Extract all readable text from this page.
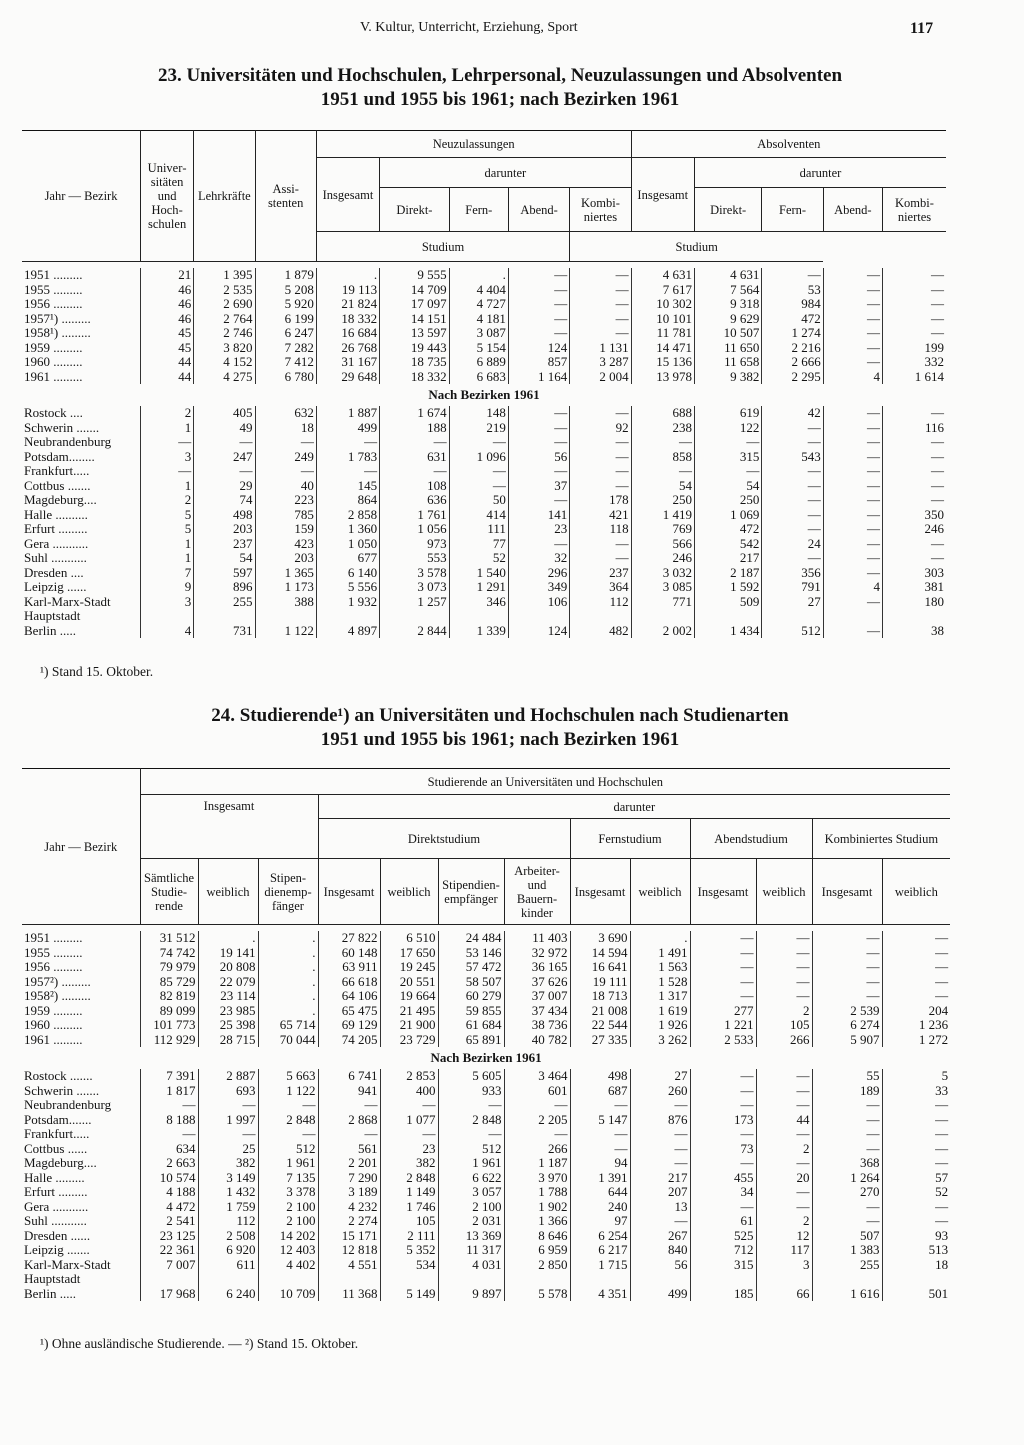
V. Kultur, Unterricht, Erziehung, Sport	117
23. Universitäten und Hochschulen, Lehrpersonal, Neuzulassungen und Absolventen
1951 und 1955 bis 1961; nach Bezirken 1961
Jahr — Bezirk	Universitäten und Hochschulen	Lehrkräfte	Assistenten	Neuzulassungen					Absolventen				
				Insgesamt	darunter				Insgesamt	darunter			
					Direkt-	Fern-	Abend-	Kombiniertes		Direkt-	Fern-	Abend-	Kombiniertes
				Studium				Studium					

1951 .........	21	1 395	1 879	.	9 555	.	—	—	4 631	4 631	—	—	—
1955 .........	46	2 535	5 208	19 113	14 709	4 404	—	—	7 617	7 564	53	—	—
1956 .........	46	2 690	5 920	21 824	17 097	4 727	—	—	10 302	9 318	984	—	—
1957¹) .........	46	2 764	6 199	18 332	14 151	4 181	—	—	10 101	9 629	472	—	—
1958¹) .........	45	2 746	6 247	16 684	13 597	3 087	—	—	11 781	10 507	1 274	—	—
1959 .........	45	3 820	7 282	26 768	19 443	5 154	124	1 131	14 471	11 650	2 216	—	199
1960 .........	44	4 152	7 412	31 167	18 735	6 889	857	3 287	15 136	11 658	2 666	—	332
1961 .........	44	4 275	6 780	29 648	18 332	6 683	1 164	2 004	13 978	9 382	2 295	4	1 614
Nach Bezirken 1961													
Rostock ....	2	405	632	1 887	1 674	148	—	—	688	619	42	—	—
Schwerin .......	1	49	18	499	188	219	—	92	238	122	—	—	116
Neubrandenburg	—	—	—	—	—	—	—	—	—	—	—	—	—
Potsdam........	3	247	249	1 783	631	1 096	56	—	858	315	543	—	—
Frankfurt.....	—	—	—	—	—	—	—	—	—	—	—	—	—
Cottbus .......	1	29	40	145	108	—	37	—	54	54	—	—	—
Magdeburg....	2	74	223	864	636	50	—	178	250	250	—	—	—
Halle ..........	5	498	785	2 858	1 761	414	141	421	1 419	1 069	—	—	350
Erfurt .........	5	203	159	1 360	1 056	111	23	118	769	472	—	—	246
Gera ...........	1	237	423	1 050	973	77	—	—	566	542	24	—	—
Suhl ...........	1	54	203	677	553	52	32	—	246	217	—	—	—
Dresden ....	7	597	1 365	6 140	3 578	1 540	296	237	3 032	2 187	356	—	303
Leipzig ......	9	896	1 173	5 556	3 073	1 291	349	364	3 085	1 592	791	4	381
Karl-Marx-Stadt	3	255	388	1 932	1 257	346	106	112	771	509	27	—	180
Hauptstadt													
Berlin .....	4	731	1 122	4 897	2 844	1 339	124	482	2 002	1 434	512	—	38
¹) Stand 15. Oktober.
24. Studierende¹) an Universitäten und Hochschulen nach Studienarten
1951 und 1955 bis 1961; nach Bezirken 1961
Jahr — Bezirk	Studierende an Universitäten und Hochschulen												
	Insgesamt			darunter									
				Direktstudium				Fernstudium		Abendstudium		Kombiniertes Studium	
	Sämtliche Studierende	weiblich	Stipendienempfänger	Insgesamt	weiblich	Stipendienempfänger	Arbeiter- und Bauernkinder	Insgesamt	weiblich	Insgesamt	weiblich	Insgesamt	weiblich

1951 .........	31 512	.	.	27 822	6 510	24 484	11 403	3 690	.	—	—	—	—
1955 .........	74 742	19 141	.	60 148	17 650	53 146	32 972	14 594	1 491	—	—	—	—
1956 .........	79 979	20 808	.	63 911	19 245	57 472	36 165	16 641	1 563	—	—	—	—
1957²) .........	85 729	22 079	.	66 618	20 551	58 507	37 626	19 111	1 528	—	—	—	—
1958²) .........	82 819	23 114	.	64 106	19 664	60 279	37 007	18 713	1 317	—	—	—	—
1959 .........	89 099	23 985	.	65 475	21 495	59 855	37 434	21 008	1 619	277	2	2 539	204
1960 .........	101 773	25 398	65 714	69 129	21 900	61 684	38 736	22 544	1 926	1 221	105	6 274	1 236
1961 .........	112 929	28 715	70 044	74 205	23 729	65 891	40 782	27 335	3 262	2 533	266	5 907	1 272
Nach Bezirken 1961													
Rostock .......	7 391	2 887	5 663	6 741	2 853	5 605	3 464	498	27	—	—	55	5
Schwerin .......	1 817	693	1 122	941	400	933	601	687	260	—	—	189	33
Neubrandenburg	—	—	—	—	—	—	—	—	—	—	—	—	—
Potsdam.......	8 188	1 997	2 848	2 868	1 077	2 848	2 205	5 147	876	173	44	—	—
Frankfurt.....	—	—	—	—	—	—	—	—	—	—	—	—	—
Cottbus ......	634	25	512	561	23	512	266	—	—	73	2	—	—
Magdeburg....	2 663	382	1 961	2 201	382	1 961	1 187	94	—	—	—	368	—
Halle .........	10 574	3 149	7 135	7 290	2 848	6 622	3 970	1 391	217	455	20	1 264	57
Erfurt .........	4 188	1 432	3 378	3 189	1 149	3 057	1 788	644	207	34	—	270	52
Gera ...........	4 472	1 759	2 100	4 232	1 746	2 100	1 902	240	13	—	—	—	—
Suhl ...........	2 541	112	2 100	2 274	105	2 031	1 366	97	—	61	2	—	—
Dresden ......	23 125	2 508	14 202	15 171	2 111	13 369	8 646	6 254	267	525	12	507	93
Leipzig .......	22 361	6 920	12 403	12 818	5 352	11 317	6 959	6 217	840	712	117	1 383	513
Karl-Marx-Stadt	7 007	611	4 402	4 551	534	4 031	2 850	1 715	56	315	3	255	18
Hauptstadt													
Berlin .....	17 968	6 240	10 709	11 368	5 149	9 897	5 578	4 351	499	185	66	1 616	501
¹) Ohne ausländische Studierende. — ²) Stand 15. Oktober.
